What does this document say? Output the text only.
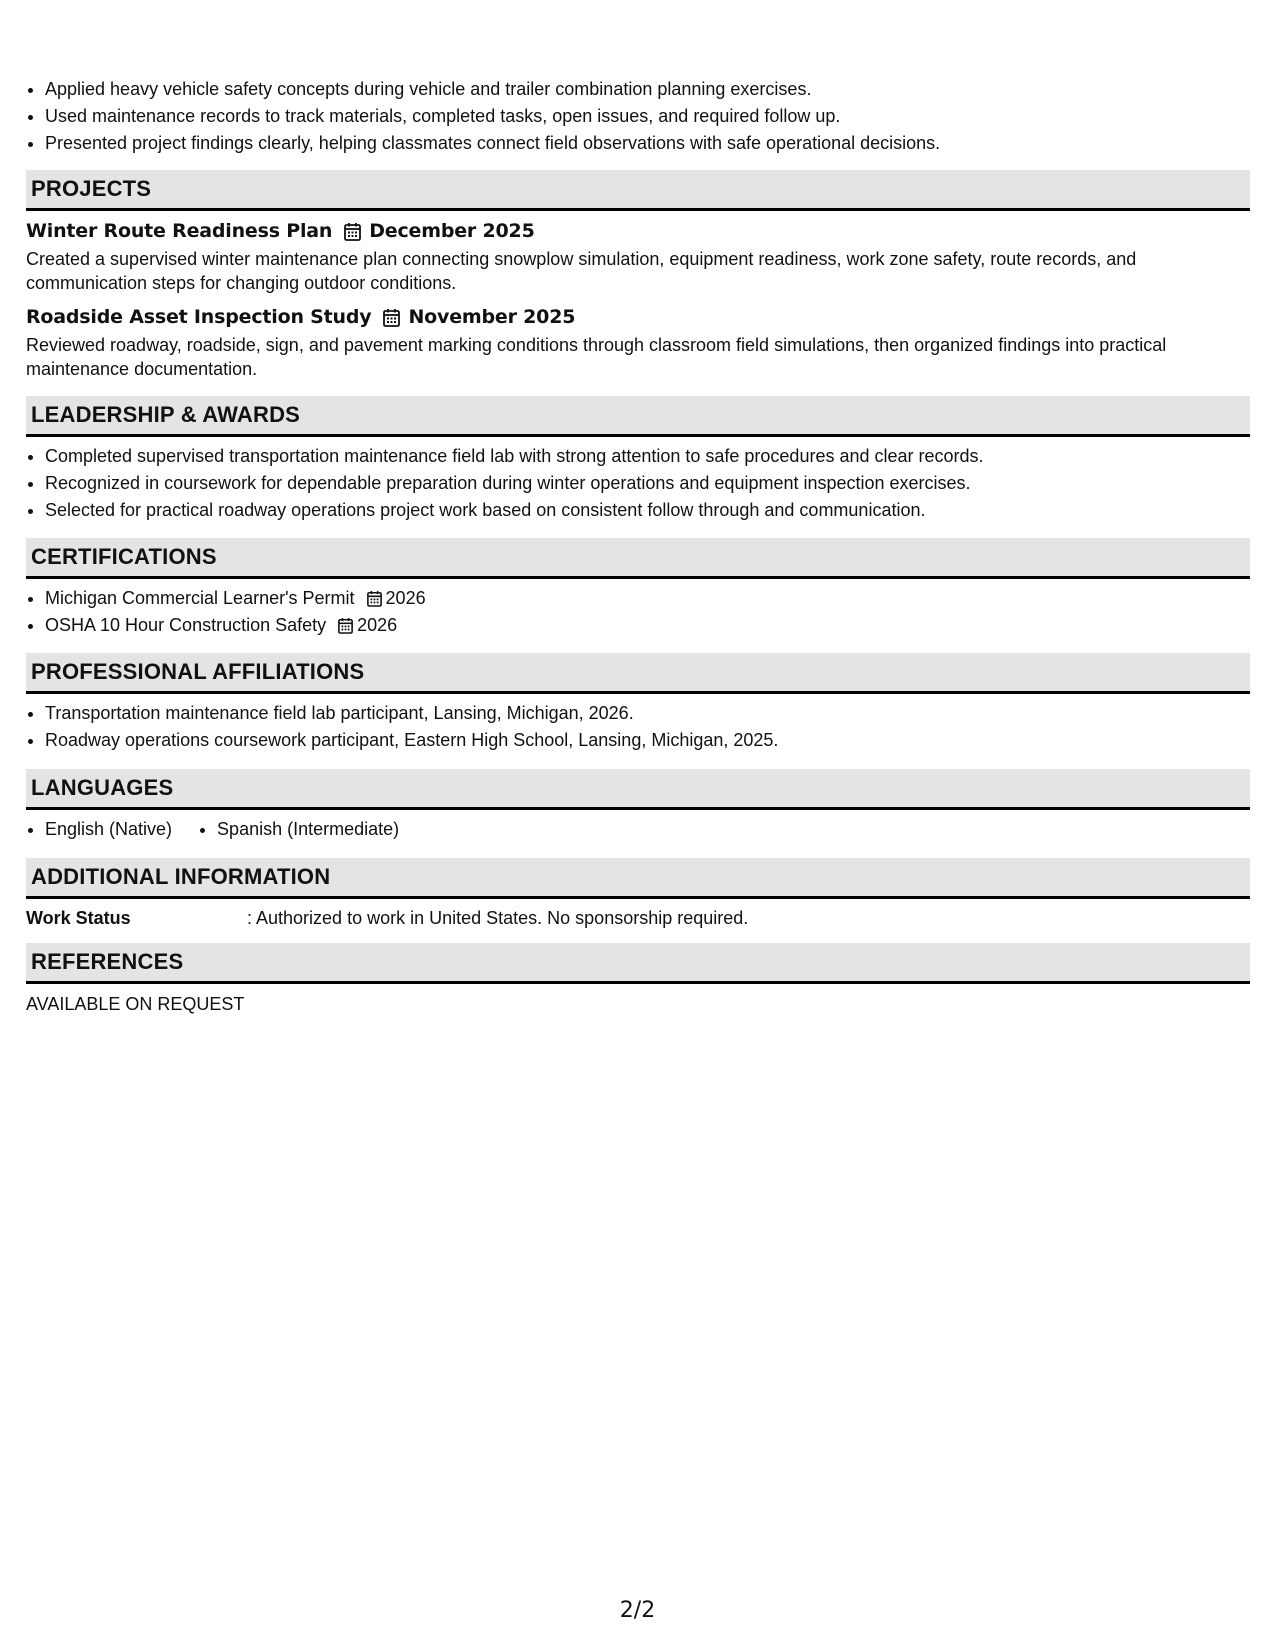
• Applied heavy vehicle safety concepts during vehicle and trailer combination planning exercises.
• Used maintenance records to track materials, completed tasks, open issues, and required follow up.
• Presented project findings clearly, helping classmates connect field observations with safe operational decisions.
PROJECTS
Winter Route Readiness Plan December 2025
Created a supervised winter maintenance plan connecting snowplow simulation, equipment readiness, work zone safety, route records, and communication steps for changing outdoor conditions.
Roadside Asset Inspection Study November 2025
Reviewed roadway, roadside, sign, and pavement marking conditions through classroom field simulations, then organized findings into practical maintenance documentation.
LEADERSHIP & AWARDS
• Completed supervised transportation maintenance field lab with strong attention to safe procedures and clear records.
• Recognized in coursework for dependable preparation during winter operations and equipment inspection exercises.
• Selected for practical roadway operations project work based on consistent follow through and communication.
CERTIFICATIONS
• Michigan Commercial Learner's Permit 2026
• OSHA 10 Hour Construction Safety 2026
PROFESSIONAL AFFILIATIONS
• Transportation maintenance field lab participant, Lansing, Michigan, 2026.
• Roadway operations coursework participant, Eastern High School, Lansing, Michigan, 2025.
LANGUAGES
• English (Native)
•	Spanish (Intermediate)
ADDITIONAL INFORMATION
Work Status	: Authorized to work in United States. No sponsorship required.
REFERENCES
AVAILABLE ON REQUEST
2/2
